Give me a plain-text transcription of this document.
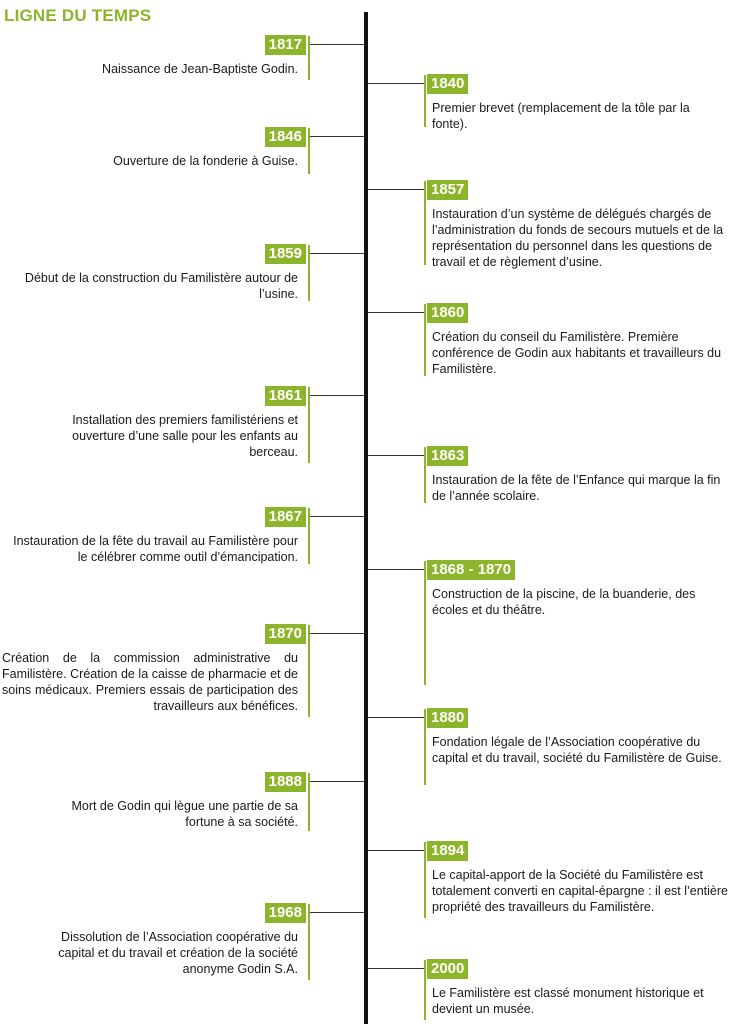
LIGNE DU TEMPS
1817
Naissance de Jean-Baptiste Godin.
1840
Premier brevet (remplacement de la tôle par la fonte).
1846
Ouverture de la fonderie à Guise.
1857
Instauration d’un système de délégués chargés de l’administration du fonds de secours mutuels et de la représentation du personnel dans les questions de travail et de règlement d’usine.
1859
Début de la construction du Familistère autour de l’usine.
1860
Création du conseil du Familistère. Première conférence de Godin aux habitants et travailleurs du Familistère.
1861
Installation des premiers familistériens et ouverture d’une salle pour les enfants au berceau.	1863
Instauration de la fête de l’Enfance qui marque la fin de l’année scolaire.
1867
Instauration de la fête du travail au Familistère pour le célébrer comme outil d’émancipation.
1868 - 1870
Construction de la piscine, de la buanderie, des écoles et du théâtre.
1870
Création de la commission administrative du Familistère. Création de la caisse de pharmacie et de soins médicaux. Premiers essais de participation des travailleurs aux bénéfices.
1880
Fondation légale de l’Association coopérative du capital et du travail, société du Familistère de Guise.
1888
Mort de Godin qui lègue une partie de sa fortune à sa société.
1894
Le capital-apport de la Société du Familistère est totalement converti en capital-épargne : il est l’entière propriété des travailleurs du Familistère.
1968
Dissolution de l’Association coopérative du capital et du travail et création de la société anonyme Godin S.A.	2000
Le Familistère est classé monument historique et devient un musée.
